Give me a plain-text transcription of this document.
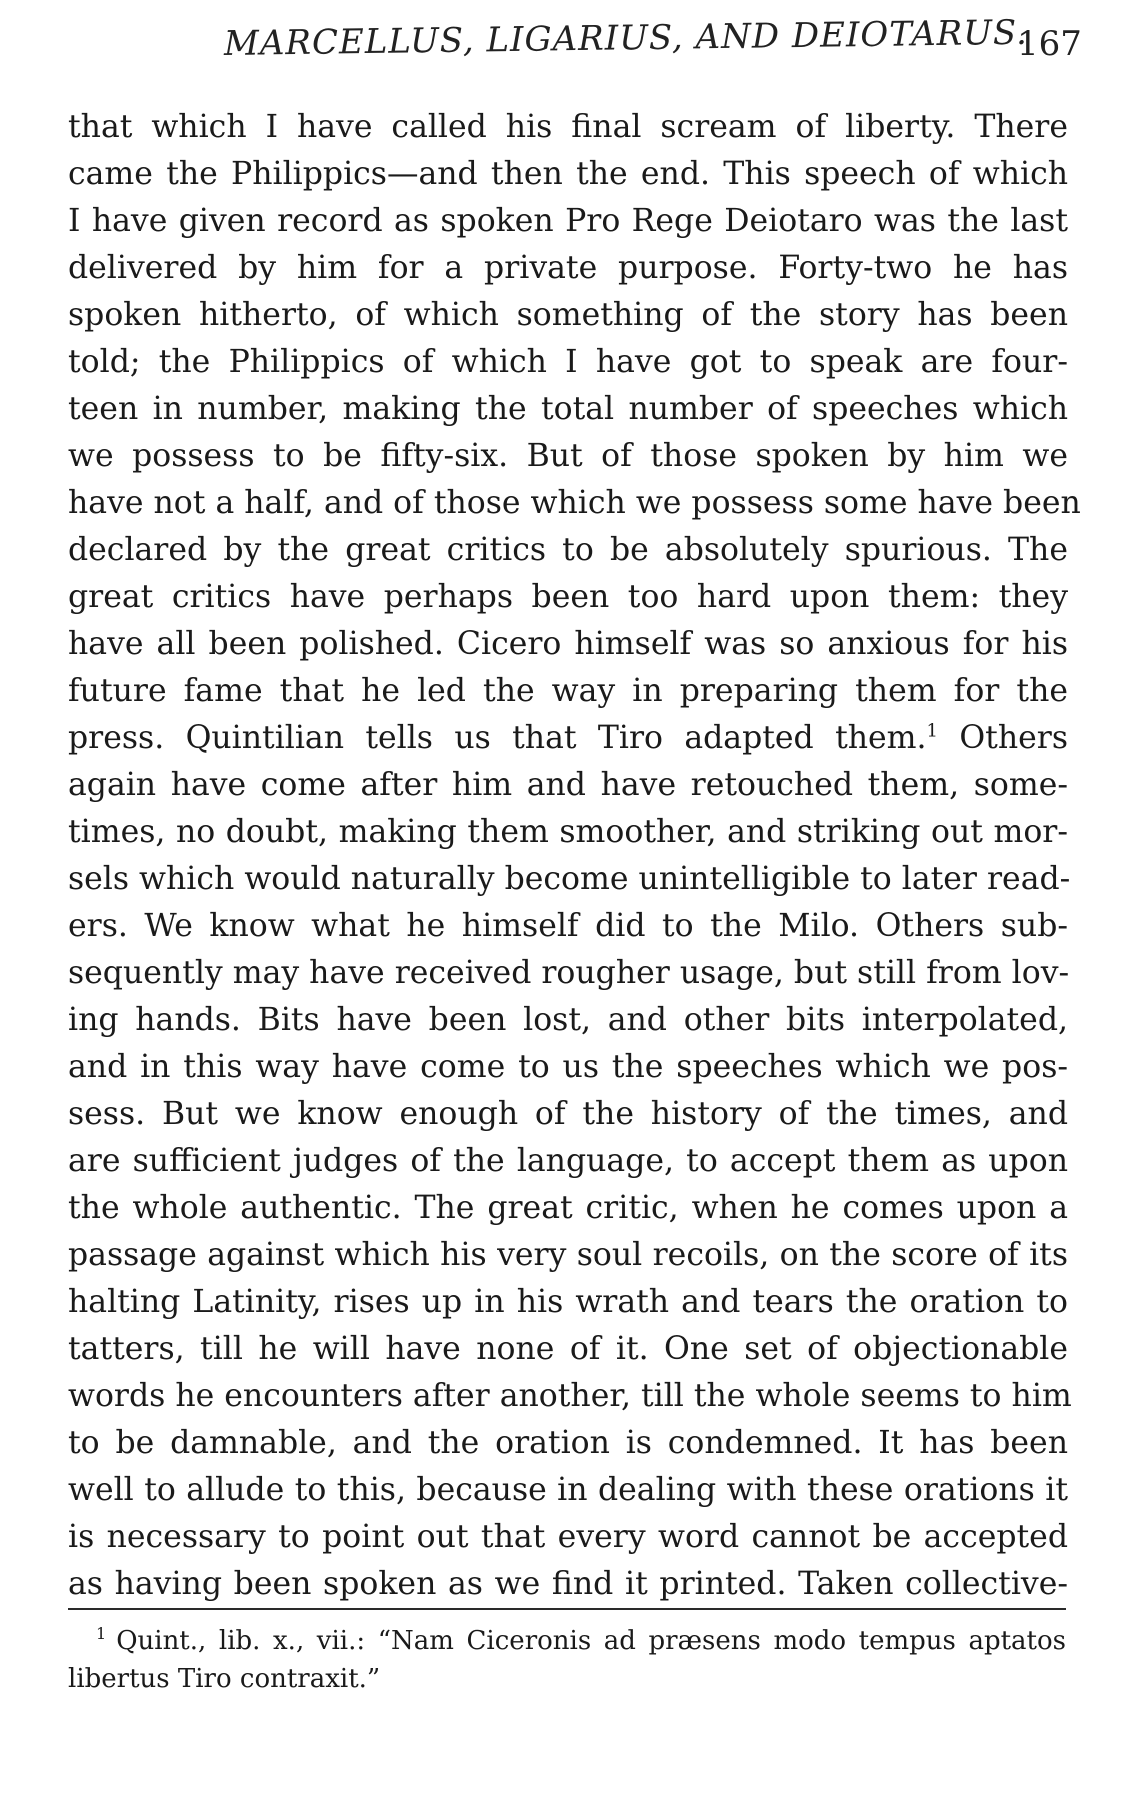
MARCELLUS, LIGARIUS, AND DEIOTARUS.
167
that which I have called his final scream of liberty. There
came the Philippics—and then the end. This speech of which
I have given record as spoken Pro Rege Deiotaro was the last
delivered by him for a private purpose. Forty-two he has
spoken hitherto, of which something of the story has been
told; the Philippics of which I have got to speak are four-
teen in number, making the total number of speeches which
we possess to be fifty-six. But of those spoken by him we
have not a half, and of those which we possess some have been
declared by the great critics to be absolutely spurious. The
great critics have perhaps been too hard upon them: they
have all been polished. Cicero himself was so anxious for his
future fame that he led the way in preparing them for the
press. Quintilian tells us that Tiro adapted them.$^1$ Others
again have come after him and have retouched them, some-
times, no doubt, making them smoother, and striking out mor-
sels which would naturally become unintelligible to later read-
ers. We know what he himself did to the Milo. Others sub-
sequently may have received rougher usage, but still from lov-
ing hands. Bits have been lost, and other bits interpolated,
and in this way have come to us the speeches which we pos-
sess. But we know enough of the history of the times, and
are sufficient judges of the language, to accept them as upon
the whole authentic. The great critic, when he comes upon a
passage against which his very soul recoils, on the score of its
halting Latinity, rises up in his wrath and tears the oration to
tatters, till he will have none of it. One set of objectionable
words he encounters after another, till the whole seems to him
to be damnable, and the oration is condemned. It has been
well to allude to this, because in dealing with these orations it
is necessary to point out that every word cannot be accepted
as having been spoken as we find it printed. Taken collective-
$^1$ Quint., lib. x., vii.: “Nam Ciceronis ad præsens modo tempus aptatos
libertus Tiro contraxit.”
